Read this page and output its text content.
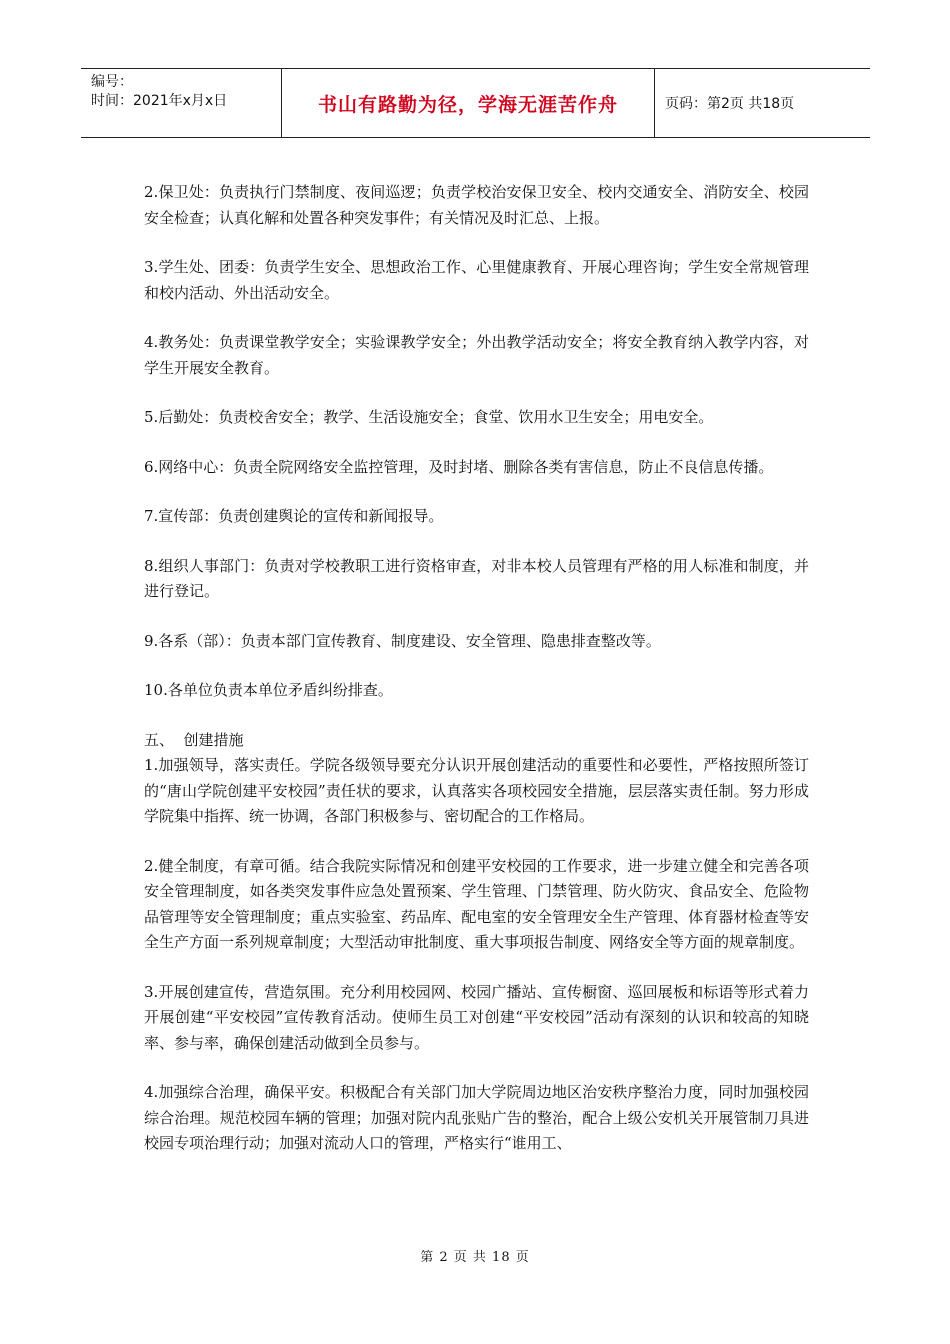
编号：
时间：2021年x月x日	书山有路勤为径，学海无涯苦作舟	页码：第2页 共18页

2.保卫处：负责执行门禁制度、夜间巡逻；负责学校治安保卫安全、校内交通安全、消防安全、校园安全检查；认真化解和处置各种突发事件；有关情况及时汇总、上报。

3.学生处、团委：负责学生安全、思想政治工作、心里健康教育、开展心理咨询；学生安全常规管理和校内活动、外出活动安全。

4.教务处：负责课堂教学安全；实验课教学安全；外出教学活动安全；将安全教育纳入教学内容，对学生开展安全教育。

5.后勤处：负责校舍安全；教学、生活设施安全；食堂、饮用水卫生安全；用电安全。

6.网络中心：负责全院网络安全监控管理，及时封堵、删除各类有害信息，防止不良信息传播。

7.宣传部：负责创建舆论的宣传和新闻报导。

8.组织人事部门：负责对学校教职工进行资格审查，对非本校人员管理有严格的用人标准和制度，并进行登记。

9.各系（部）：负责本部门宣传教育、制度建设、安全管理、隐患排查整改等。

10.各单位负责本单位矛盾纠纷排查。

五、  创建措施

1.加强领导，落实责任。学院各级领导要充分认识开展创建活动的重要性和必要性，严格按照所签订的“唐山学院创建平安校园”责任状的要求，认真落实各项校园安全措施，层层落实责任制。努力形成学院集中指挥、统一协调，各部门积极参与、密切配合的工作格局。

2.健全制度，有章可循。结合我院实际情况和创建平安校园的工作要求，进一步建立健全和完善各项安全管理制度，如各类突发事件应急处置预案、学生管理、门禁管理、防火防灾、食品安全、危险物品管理等安全管理制度；重点实验室、药品库、配电室的安全管理安全生产管理、体育器材检查等安全生产方面一系列规章制度；大型活动审批制度、重大事项报告制度、网络安全等方面的规章制度。

3.开展创建宣传，营造氛围。充分利用校园网、校园广播站、宣传橱窗、巡回展板和标语等形式着力开展创建“平安校园”宣传教育活动。使师生员工对创建“平安校园”活动有深刻的认识和较高的知晓率、参与率，确保创建活动做到全员参与。

4.加强综合治理，确保平安。积极配合有关部门加大学院周边地区治安秩序整治力度，同时加强校园综合治理。规范校园车辆的管理；加强对院内乱张贴广告的整治，配合上级公安机关开展管制刀具进校园专项治理行动；加强对流动人口的管理，严格实行“谁用工、

第 2 页 共 18 页
